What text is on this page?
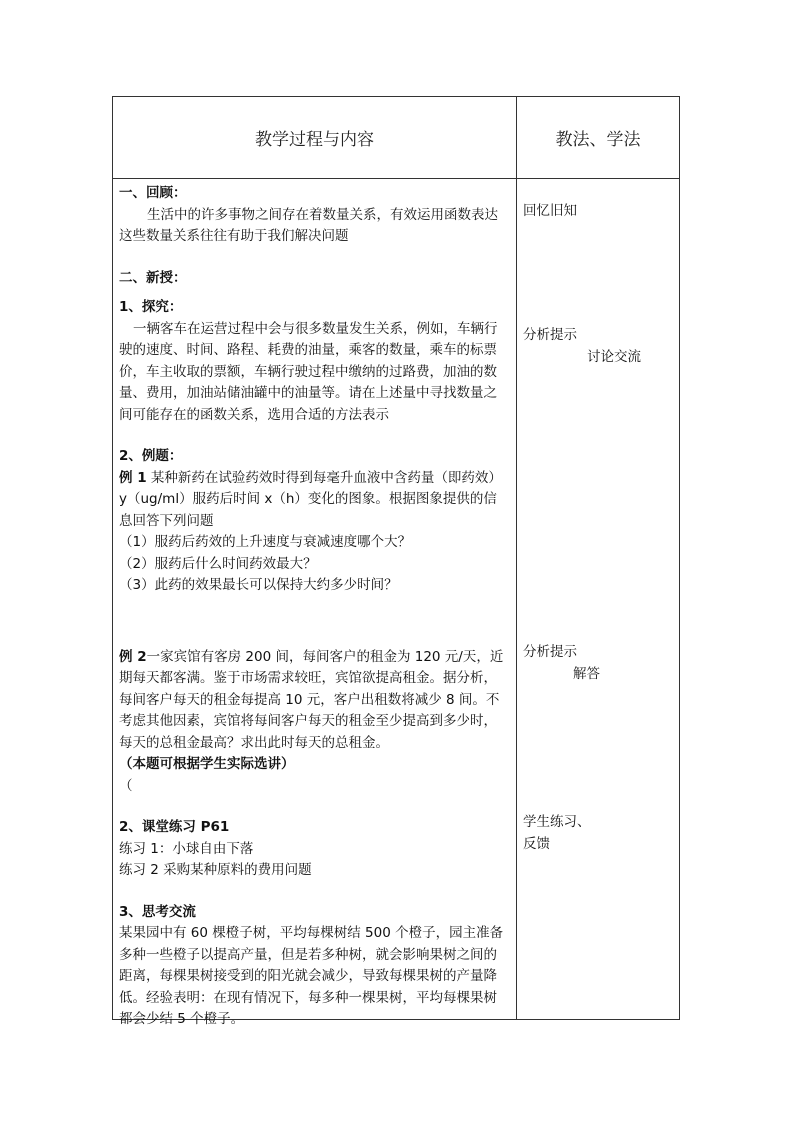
教学过程与内容	教法、学法

一、回顾：

生活中的许多事物之间存在着数量关系，有效运用函数表达这些数量关系往往有助于我们解决问题

二、新授：

1、探究：

一辆客车在运营过程中会与很多数量发生关系，例如，车辆行驶的速度、时间、路程、耗费的油量，乘客的数量，乘车的标票价，车主收取的票额，车辆行驶过程中缴纳的过路费，加油的数量、费用，加油站储油罐中的油量等。请在上述量中寻找数量之间可能存在的函数关系，选用合适的方法表示

2、例题：

例 1 某种新药在试验药效时得到每毫升血液中含药量（即药效）y（ug/ml）服药后时间 x（h）变化的图象。根据图象提供的信息回答下列问题

（1）服药后药效的上升速度与衰减速度哪个大？

（2）服药后什么时间药效最大？

（3）此药的效果最长可以保持大约多少时间？

例 2一家宾馆有客房 200 间，每间客户的租金为 120 元/天，近期每天都客满。鉴于市场需求较旺，宾馆欲提高租金。据分析，每间客户每天的租金每提高 10 元，客户出租数将减少 8 间。不考虑其他因素，宾馆将每间客户每天的租金至少提高到多少时，每天的总租金最高？求出此时每天的总租金。

（本题可根据学生实际选讲）

（

2、课堂练习 P61

练习 1：小球自由下落

练习 2 采购某种原料的费用问题

3、思考交流

某果园中有 60 棵橙子树，平均每棵树结 500 个橙子，园主准备多种一些橙子以提高产量，但是若多种树，就会影响果树之间的距离，每棵果树接受到的阳光就会减少，导致每棵果树的产量降低。经验表明：在现有情况下，每多种一棵果树，平均每棵果树都会少结 5 个橙子。

回忆旧知

分析提示

讨论交流

分析提示

解答

学生练习、

反馈
